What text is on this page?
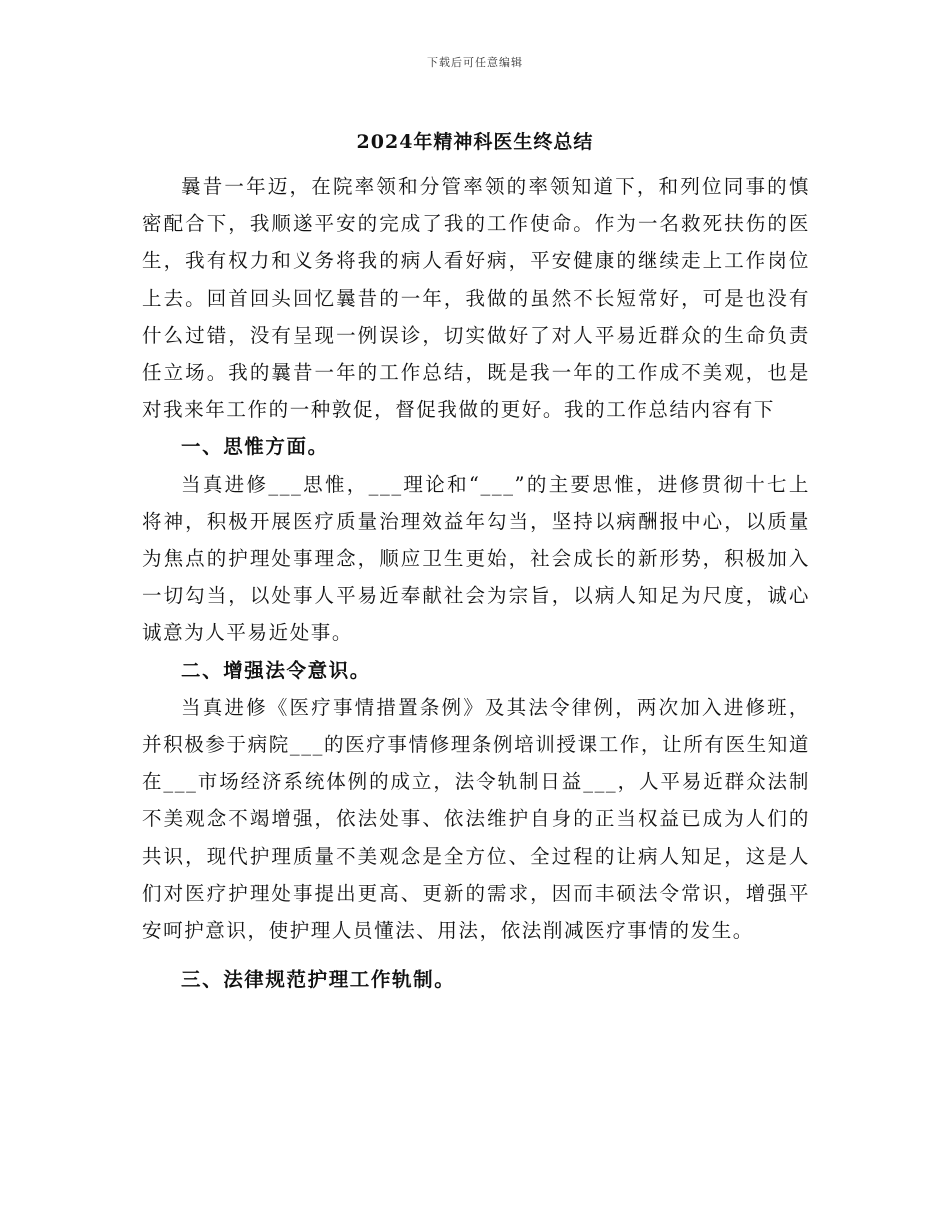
下载后可任意编辑
2024年精神科医生终总结

曩昔一年迈，在院率领和分管率领的率领知道下，和列位同事的慎密配合下，我顺遂平安的完成了我的工作使命。作为一名救死扶伤的医生，我有权力和义务将我的病人看好病，平安健康的继续走上工作岗位上去。回首回头回忆曩昔的一年，我做的虽然不长短常好，可是也没有什么过错，没有呈现一例误诊，切实做好了对人平易近群众的生命负责任立场。我的曩昔一年的工作总结，既是我一年的工作成不美观，也是对我来年工作的一种敦促，督促我做的更好。我的工作总结内容有下

一、思惟方面。

当真进修___思惟，___理论和“___”的主要思惟，进修贯彻十七上将神，积极开展医疗质量治理效益年勾当，坚持以病酬报中心，以质量为焦点的护理处事理念，顺应卫生更始，社会成长的新形势，积极加入一切勾当，以处事人平易近奉献社会为宗旨，以病人知足为尺度，诚心诚意为人平易近处事。

二、增强法令意识。

当真进修《医疗事情措置条例》及其法令律例，两次加入进修班，并积极参于病院___的医疗事情修理条例培训授课工作，让所有医生知道在___市场经济系统体例的成立，法令轨制日益___，人平易近群众法制不美观念不竭增强，依法处事、依法维护自身的正当权益已成为人们的共识，现代护理质量不美观念是全方位、全过程的让病人知足，这是人们对医疗护理处事提出更高、更新的需求，因而丰硕法令常识，增强平安呵护意识，使护理人员懂法、用法，依法削减医疗事情的发生。

三、法律规范护理工作轨制。
